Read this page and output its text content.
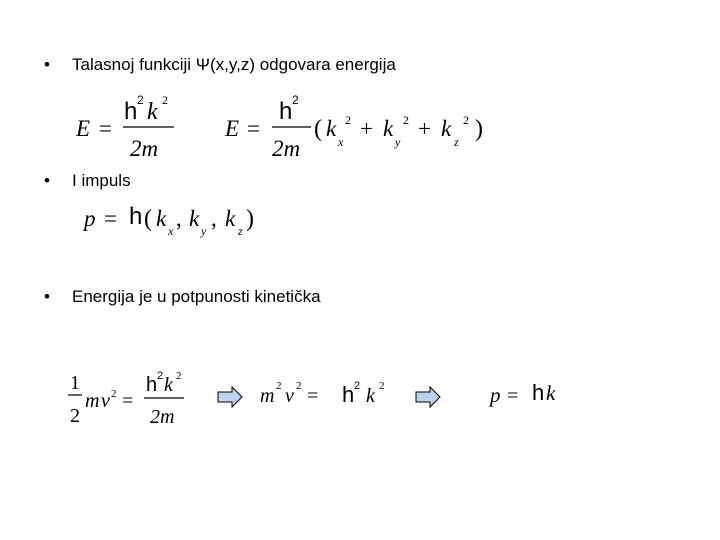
• Talasnoj funkciji Ψ(x,y,z) odgovara energija
E =
h 2 k 2
2m
E =
h 2
2m
( k
x
2 + k
y
2 + k
z
2 )
• I impuls
p = h ( k x , k y , k z )
• Energija je u potpunosti kinetička
1
2
m v 2 =
h 2 k 2
2m
m 2 v 2 = h 2 k 2	p = h k
